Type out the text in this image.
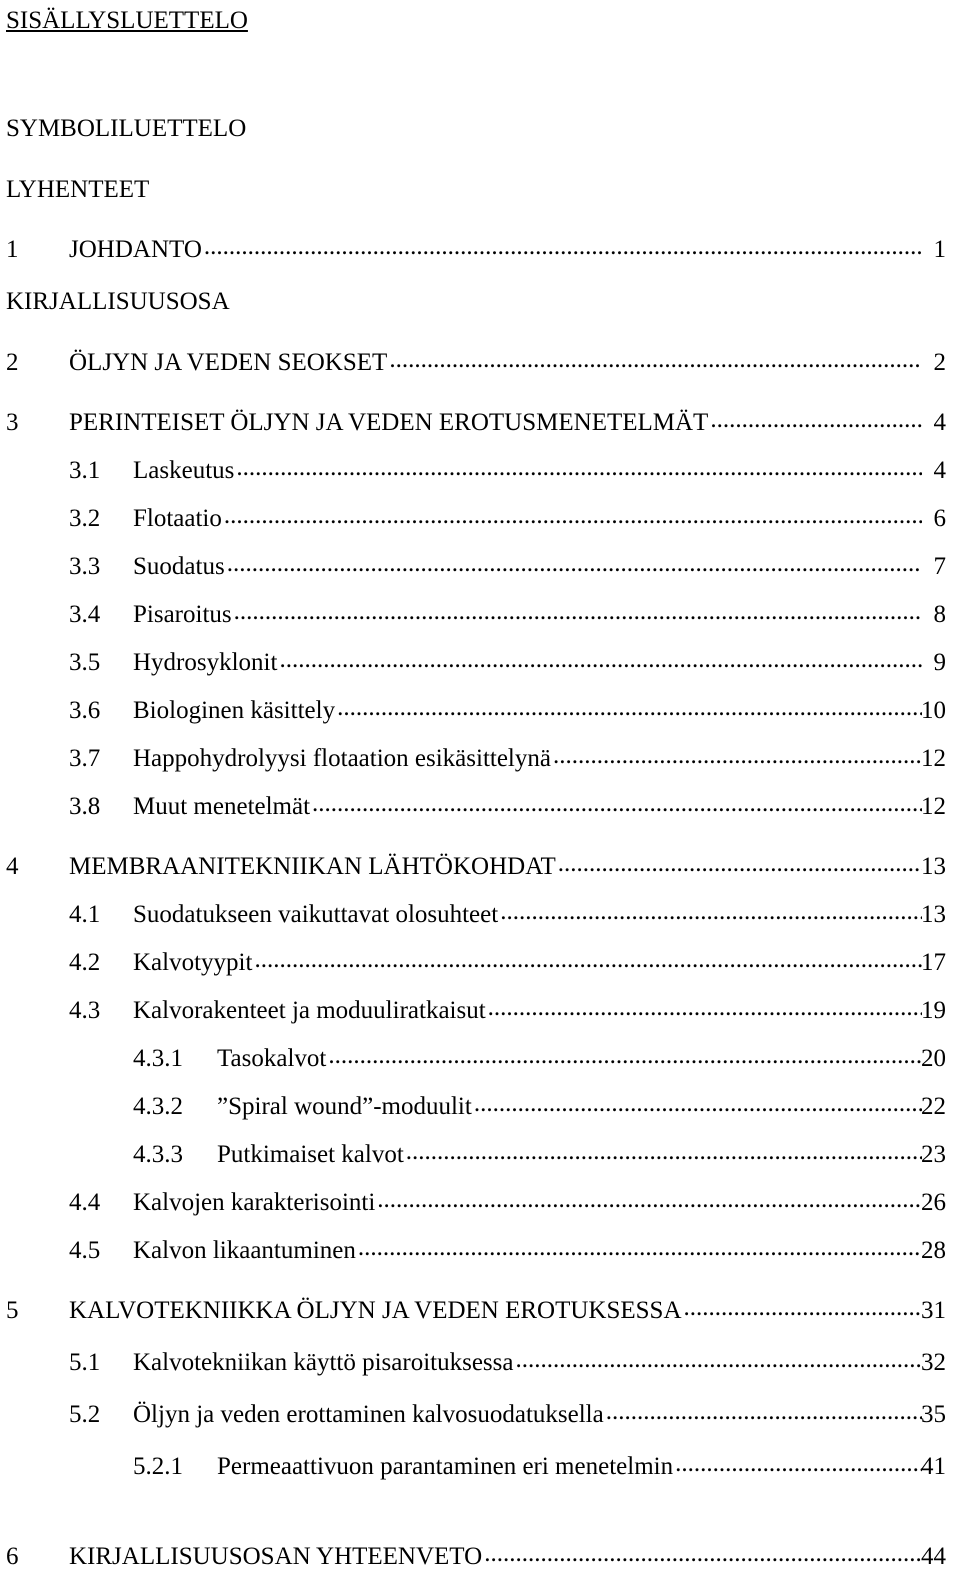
SISÄLLYSLUETTELO
SYMBOLILUETTELO
LYHENTEET
1 JOHDANTO .....	1
KIRJALLISUUSOSA
2 ÖLJYN JA VEDEN SEOKSET .....	2
3 PERINTEISET ÖLJYN JA VEDEN EROTUSMENETELMÄT .....	4
3.1 Laskeutus .....	4
3.2 Flotaatio .....	6
3.3 Suodatus .....	7
3.4 Pisaroitus .....	8
3.5 Hydrosyklonit .....	9
3.6 Biologinen käsittely .....	10
3.7 Happohydrolyysi flotaation esikäsittelynä .....	12
3.8 Muut menetelmät .....	12
4 MEMBRAANITEKNIIKAN LÄHTÖKOHDAT .....	13
4.1 Suodatukseen vaikuttavat olosuhteet .....	13
4.2 Kalvotyypit .....	17
4.3 Kalvorakenteet ja moduuliratkaisut .....	19
4.3.1 Tasokalvot .....	20
4.3.2 ”Spiral wound”-moduulit .....	22
4.3.3 Putkimaiset kalvot .....	23
4.4 Kalvojen karakterisointi .....	26
4.5 Kalvon likaantuminen .....	28
5 KALVOTEKNIIKKA ÖLJYN JA VEDEN EROTUKSESSA .....	31
5.1 Kalvotekniikan käyttö pisaroituksessa .....	32
5.2 Öljyn ja veden erottaminen kalvosuodatuksella .....	35
5.2.1 Permeaattivuon parantaminen eri menetelmin .....	41
6 KIRJALLISUUSOSAN YHTEENVETO .....	44
